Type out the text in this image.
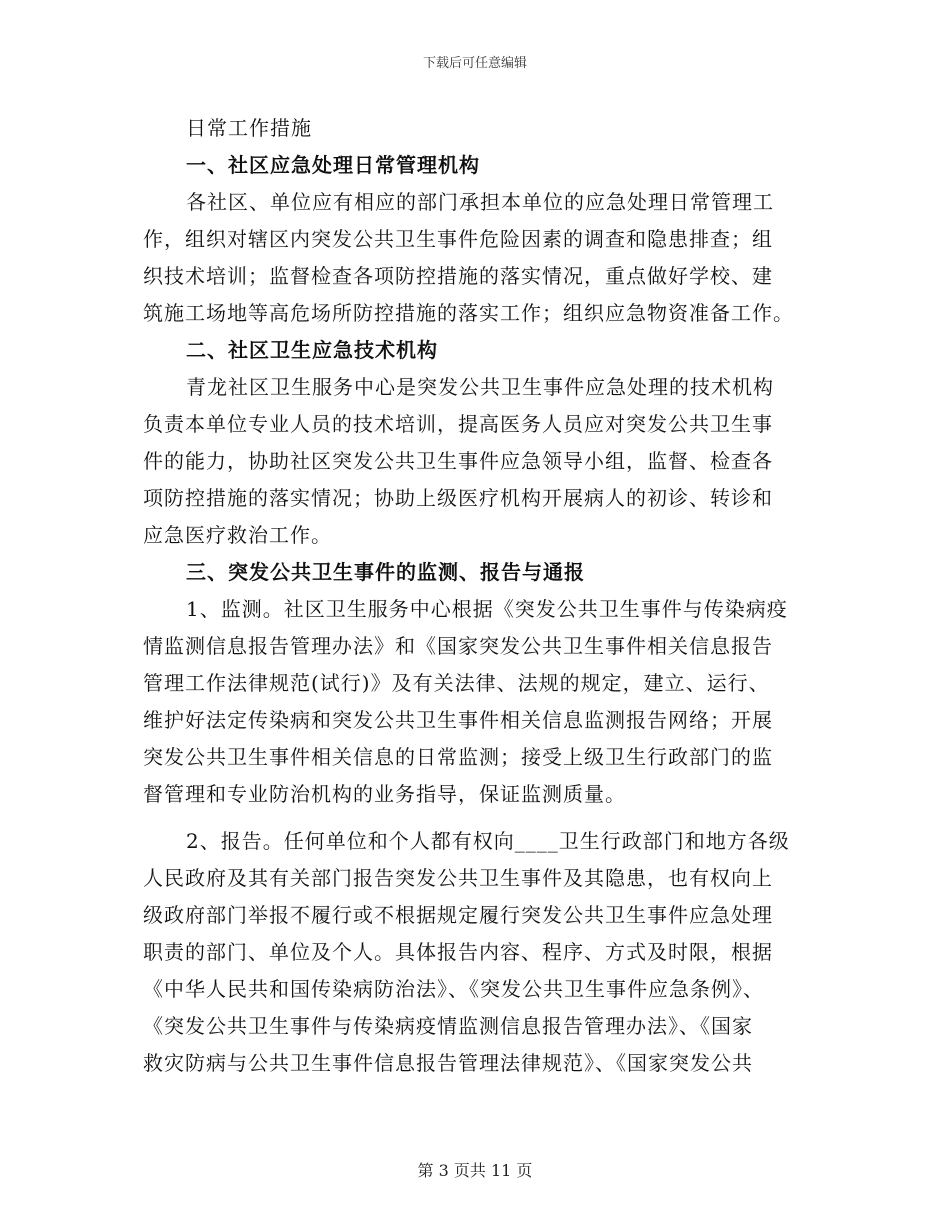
下载后可任意编辑
日常工作措施
一、社区应急处理日常管理机构
各社区、单位应有相应的部门承担本单位的应急处理日常管理工
作，组织对辖区内突发公共卫生事件危险因素的调查和隐患排查；组
织技术培训；监督检查各项防控措施的落实情况，重点做好学校、建
筑施工场地等高危场所防控措施的落实工作；组织应急物资准备工作。
二、社区卫生应急技术机构
青龙社区卫生服务中心是突发公共卫生事件应急处理的技术机构
负责本单位专业人员的技术培训，提高医务人员应对突发公共卫生事
件的能力，协助社区突发公共卫生事件应急领导小组，监督、检查各
项防控措施的落实情况；协助上级医疗机构开展病人的初诊、转诊和
应急医疗救治工作。
三、突发公共卫生事件的监测、报告与通报
1、监测。社区卫生服务中心根据《突发公共卫生事件与传染病疫
情监测信息报告管理办法》和《国家突发公共卫生事件相关信息报告
管理工作法律规范(试行)》及有关法律、法规的规定，建立、运行、
维护好法定传染病和突发公共卫生事件相关信息监测报告网络；开展
突发公共卫生事件相关信息的日常监测；接受上级卫生行政部门的监
督管理和专业防治机构的业务指导，保证监测质量。
2、报告。任何单位和个人都有权向____卫生行政部门和地方各级
人民政府及其有关部门报告突发公共卫生事件及其隐患，也有权向上
级政府部门举报不履行或不根据规定履行突发公共卫生事件应急处理
职责的部门、单位及个人。具体报告内容、程序、方式及时限，根据
《中华人民共和国传染病防治法》、《突发公共卫生事件应急条例》、
《突发公共卫生事件与传染病疫情监测信息报告管理办法》、《国家
救灾防病与公共卫生事件信息报告管理法律规范》、《国家突发公共
第 3 页共 11 页
